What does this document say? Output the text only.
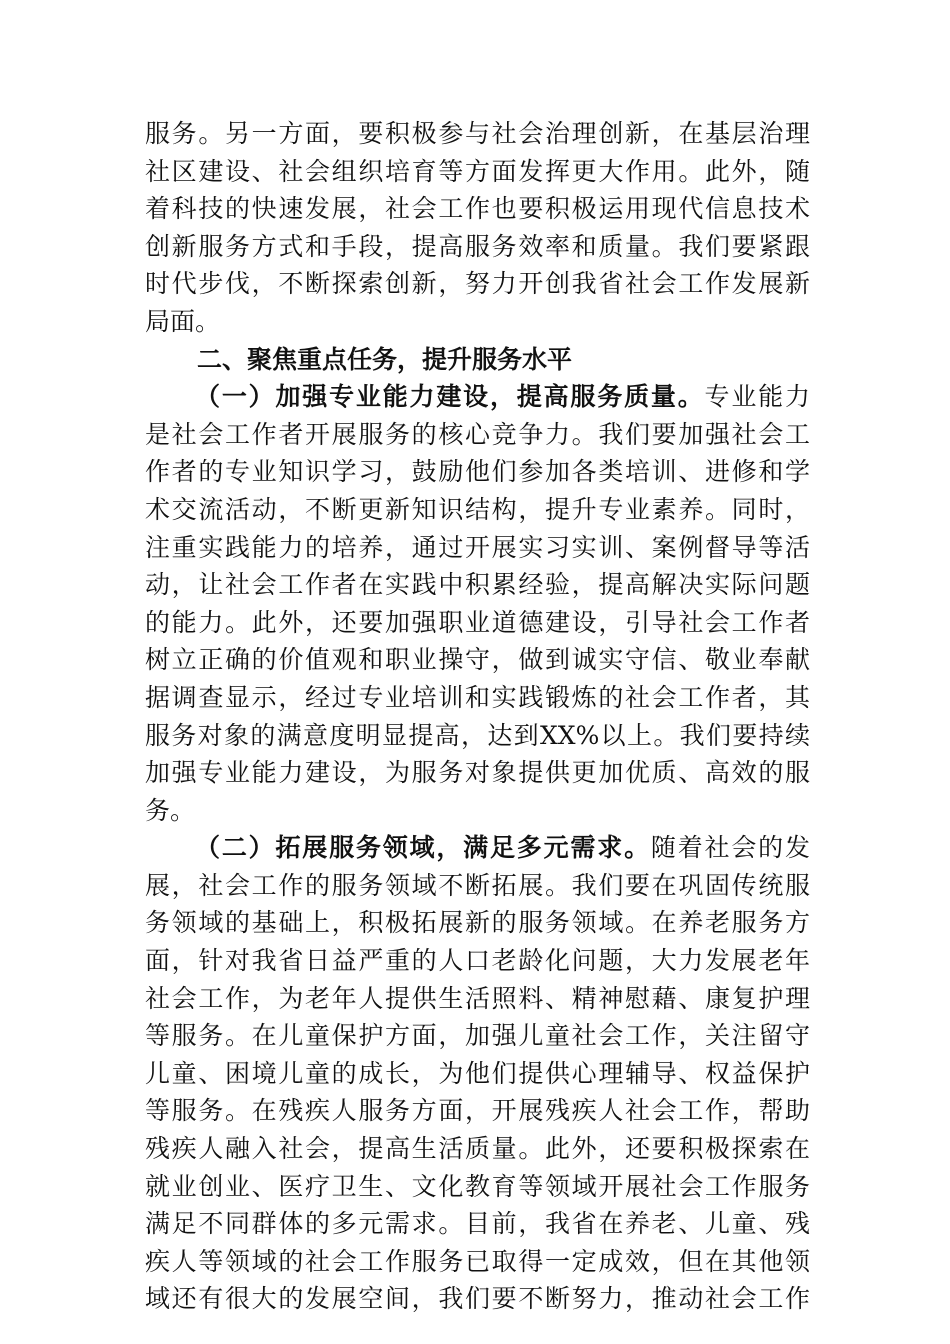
服务。另一方面，要积极参与社会治理创新，在基层治理
社区建设、社会组织培育等方面发挥更大作用。此外，随
着科技的快速发展，社会工作也要积极运用现代信息技术
创新服务方式和手段，提高服务效率和质量。我们要紧跟
时代步伐，不断探索创新，努力开创我省社会工作发展新
局面。
二、聚焦重点任务，提升服务水平
（一）加强专业能力建设，提高服务质量。专业能力
是社会工作者开展服务的核心竞争力。我们要加强社会工
作者的专业知识学习，鼓励他们参加各类培训、进修和学
术交流活动，不断更新知识结构，提升专业素养。同时，
注重实践能力的培养，通过开展实习实训、案例督导等活
动，让社会工作者在实践中积累经验，提高解决实际问题
的能力。此外，还要加强职业道德建设，引导社会工作者
树立正确的价值观和职业操守，做到诚实守信、敬业奉献
据调查显示，经过专业培训和实践锻炼的社会工作者，其
服务对象的满意度明显提高，达到XX%以上。我们要持续
加强专业能力建设，为服务对象提供更加优质、高效的服
务。
（二）拓展服务领域，满足多元需求。随着社会的发
展，社会工作的服务领域不断拓展。我们要在巩固传统服
务领域的基础上，积极拓展新的服务领域。在养老服务方
面，针对我省日益严重的人口老龄化问题，大力发展老年
社会工作，为老年人提供生活照料、精神慰藉、康复护理
等服务。在儿童保护方面，加强儿童社会工作，关注留守
儿童、困境儿童的成长，为他们提供心理辅导、权益保护
等服务。在残疾人服务方面，开展残疾人社会工作，帮助
残疾人融入社会，提高生活质量。此外，还要积极探索在
就业创业、医疗卫生、文化教育等领域开展社会工作服务
满足不同群体的多元需求。目前，我省在养老、儿童、残
疾人等领域的社会工作服务已取得一定成效，但在其他领
域还有很大的发展空间，我们要不断努力，推动社会工作
